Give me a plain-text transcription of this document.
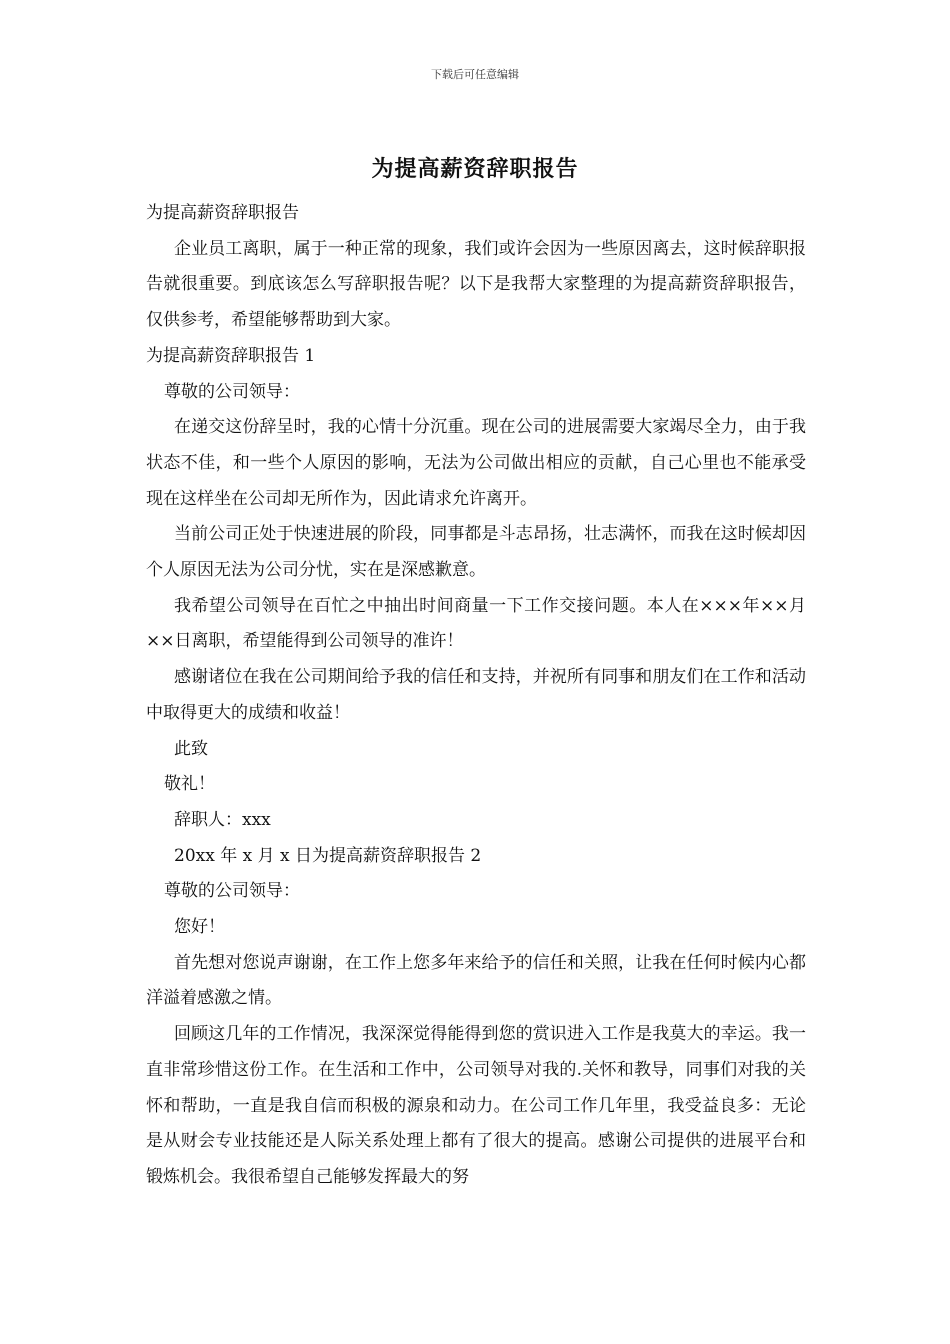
下载后可任意编辑
为提高薪资辞职报告

为提高薪资辞职报告

企业员工离职，属于一种正常的现象，我们或许会因为一些原因离去，这时候辞职报告就很重要。到底该怎么写辞职报告呢？以下是我帮大家整理的为提高薪资辞职报告，仅供参考，希望能够帮助到大家。

为提高薪资辞职报告 1

尊敬的公司领导：

在递交这份辞呈时，我的心情十分沉重。现在公司的进展需要大家竭尽全力，由于我状态不佳，和一些个人原因的影响，无法为公司做出相应的贡献，自己心里也不能承受现在这样坐在公司却无所作为，因此请求允许离开。

当前公司正处于快速进展的阶段，同事都是斗志昂扬，壮志满怀，而我在这时候却因个人原因无法为公司分忧，实在是深感歉意。

我希望公司领导在百忙之中抽出时间商量一下工作交接问题。本人在×××年××月××日离职，希望能得到公司领导的准许！

感谢诸位在我在公司期间给予我的信任和支持，并祝所有同事和朋友们在工作和活动中取得更大的成绩和收益！

此致

敬礼！

辞职人：xxx

20xx 年 x 月 x 日为提高薪资辞职报告 2

尊敬的公司领导：

您好！

首先想对您说声谢谢，在工作上您多年来给予的信任和关照，让我在任何时候内心都洋溢着感激之情。

回顾这几年的工作情况，我深深觉得能得到您的赏识进入工作是我莫大的幸运。我一直非常珍惜这份工作。在生活和工作中，公司领导对我的.关怀和教导，同事们对我的关怀和帮助，一直是我自信而积极的源泉和动力。在公司工作几年里，我受益良多：无论是从财会专业技能还是人际关系处理上都有了很大的提高。感谢公司提供的进展平台和锻炼机会。我很希望自己能够发挥最大的努
